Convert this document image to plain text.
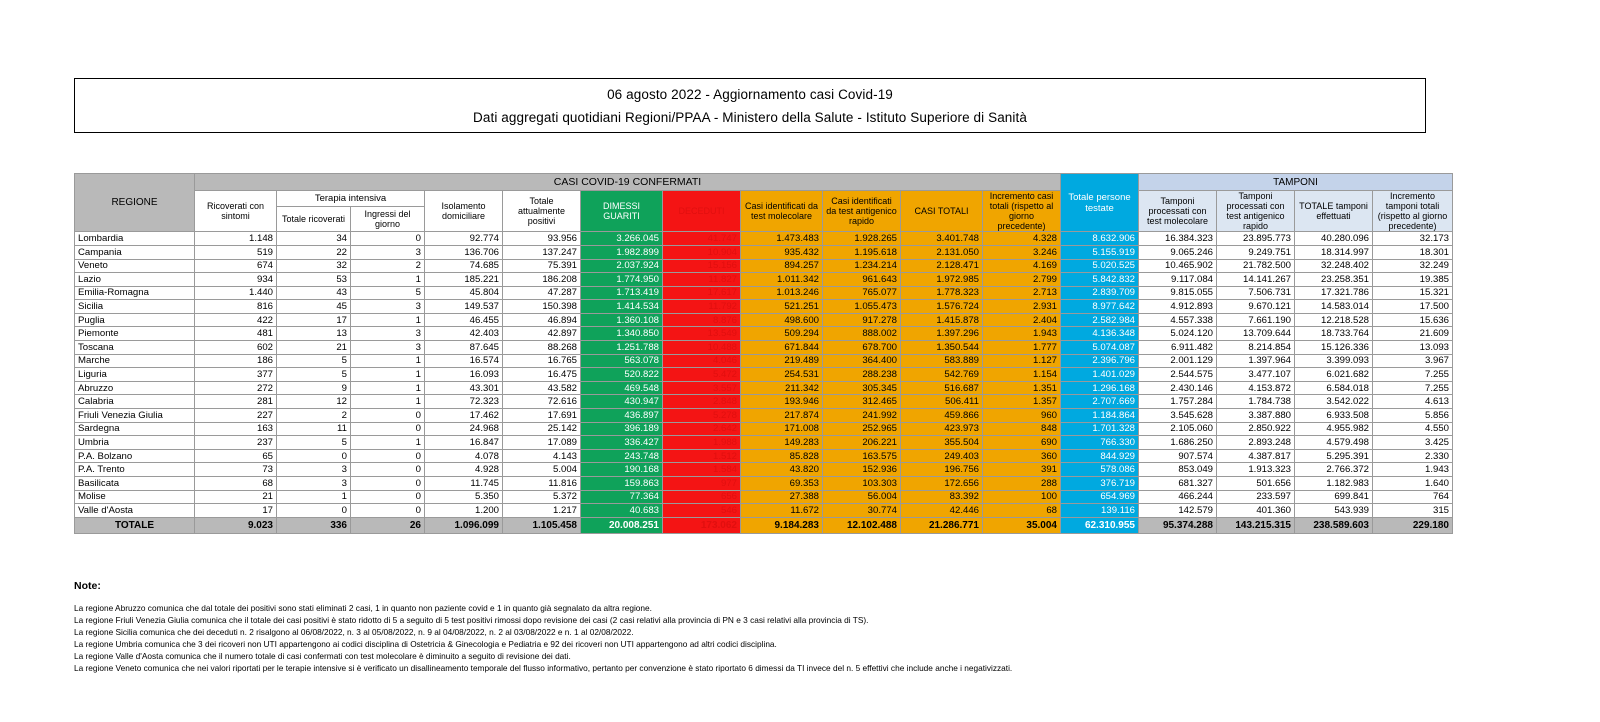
06 agosto 2022 - Aggiornamento casi Covid-19
Dati aggregati quotidiani Regioni/PPAA - Ministero della Salute - Istituto Superiore di Sanità
REGIONE	CASI COVID-19 CONFERMATI											Totale persone testate	TAMPONI			
	Ricoverati con sintomi	Terapia intensiva		Isolamento domiciliare	Totale attualmente positivi	DIMESSI GUARITI	DECEDUTI	Casi identificati da test molecolare	Casi identificati da test antigenico rapido	CASI TOTALI	Incremento casi totali (rispetto al giorno precedente)		Tamponi processati con test molecolare	Tamponi processati con test antigenico rapido	TOTALE tamponi effettuati	Incremento tamponi totali (rispetto al giorno precedente)
		Totale ricoverati	Ingressi del giorno													
Lombardia	1.148	34	0	92.774	93.956	3.266.045	41.747	1.473.483	1.928.265	3.401.748	4.328	8.632.906	16.384.323	23.895.773	40.280.096	32.173
Campania	519	22	3	136.706	137.247	1.982.899	10.904	935.432	1.195.618	2.131.050	3.246	5.155.919	9.065.246	9.249.751	18.314.997	18.301
Veneto	674	32	2	74.685	75.391	2.037.924	15.156	894.257	1.234.214	2.128.471	4.169	5.020.525	10.465.902	21.782.500	32.248.402	32.249
Lazio	934	53	1	185.221	186.208	1.774.950	11.827	1.011.342	961.643	1.972.985	2.799	5.842.832	9.117.084	14.141.267	23.258.351	19.385
Emilia-Romagna	1.440	43	5	45.804	47.287	1.713.419	17.617	1.013.246	765.077	1.778.323	2.713	2.839.709	9.815.055	7.506.731	17.321.786	15.321
Sicilia	816	45	3	149.537	150.398	1.414.534	11.792	521.251	1.055.473	1.576.724	2.931	8.977.642	4.912.893	9.670.121	14.583.014	17.500
Puglia	422	17	1	46.455	46.894	1.360.108	8.876	498.600	917.278	1.415.878	2.404	2.582.984	4.557.338	7.661.190	12.218.528	15.636
Piemonte	481	13	3	42.403	42.897	1.340.850	13.549	509.294	888.002	1.397.296	1.943	4.136.348	5.024.120	13.709.644	18.733.764	21.609
Toscana	602	21	3	87.645	88.268	1.251.788	10.488	671.844	678.700	1.350.544	1.777	5.074.087	6.911.482	8.214.854	15.126.336	13.093
Marche	186	5	1	16.574	16.765	563.078	4.046	219.489	364.400	583.889	1.127	2.396.796	2.001.129	1.397.964	3.399.093	3.967
Liguria	377	5	1	16.093	16.475	520.822	5.472	254.531	288.238	542.769	1.154	1.401.029	2.544.575	3.477.107	6.021.682	7.255
Abruzzo	272	9	1	43.301	43.582	469.548	3.557	211.342	305.345	516.687	1.351	1.296.168	2.430.146	4.153.872	6.584.018	7.255
Calabria	281	12	1	72.323	72.616	430.947	2.848	193.946	312.465	506.411	1.357	2.707.669	1.757.284	1.784.738	3.542.022	4.613
Friuli Venezia Giulia	227	2	0	17.462	17.691	436.897	5.278	217.874	241.992	459.866	960	1.184.864	3.545.628	3.387.880	6.933.508	5.856
Sardegna	163	11	0	24.968	25.142	396.189	2.642	171.008	252.965	423.973	848	1.701.328	2.105.060	2.850.922	4.955.982	4.550
Umbria	237	5	1	16.847	17.089	336.427	1.988	149.283	206.221	355.504	690	766.330	1.686.250	2.893.248	4.579.498	3.425
P.A. Bolzano	65	0	0	4.078	4.143	243.748	1.512	85.828	163.575	249.403	360	844.929	907.574	4.387.817	5.295.391	2.330
P.A. Trento	73	3	0	4.928	5.004	190.168	1.584	43.820	152.936	196.756	391	578.086	853.049	1.913.323	2.766.372	1.943
Basilicata	68	3	0	11.745	11.816	159.863	977	69.353	103.303	172.656	288	376.719	681.327	501.656	1.182.983	1.640
Molise	21	1	0	5.350	5.372	77.364	656	27.388	56.004	83.392	100	654.969	466.244	233.597	699.841	764
Valle d'Aosta	17	0	0	1.200	1.217	40.683	546	11.672	30.774	42.446	68	139.116	142.579	401.360	543.939	315
TOTALE	9.023	336	26	1.096.099	1.105.458	20.008.251	173.062	9.184.283	12.102.488	21.286.771	35.004	62.310.955	95.374.288	143.215.315	238.589.603	229.180
Note:
La regione Abruzzo comunica che dal totale dei positivi sono stati eliminati 2 casi, 1 in quanto non paziente covid e 1 in quanto già segnalato da altra regione.
La regione Friuli Venezia Giulia comunica che il totale dei casi positivi è stato ridotto di 5 a seguito di 5 test positivi rimossi dopo revisione dei casi (2 casi relativi alla provincia di PN e 3 casi relativi alla provincia di TS).
La regione Sicilia comunica che dei deceduti n. 2 risalgono al 06/08/2022, n. 3 al 05/08/2022, n. 9 al 04/08/2022, n. 2 al 03/08/2022 e n. 1 al 02/08/2022.
La regione Umbria comunica che 3 dei ricoveri non UTI appartengono ai codici disciplina di Ostetricia & Ginecologia e Pediatria e 92 dei ricoveri non UTI appartengono ad altri codici disciplina.
La regione Valle d'Aosta comunica che il numero totale di casi confermati con test molecolare è diminuito a seguito di revisione dei dati.
La regione Veneto comunica che nei valori riportati per le terapie intensive si è verificato un disallineamento temporale del flusso informativo, pertanto per convenzione è stato riportato 6 dimessi da TI invece del n. 5 effettivi che include anche i negativizzati.
